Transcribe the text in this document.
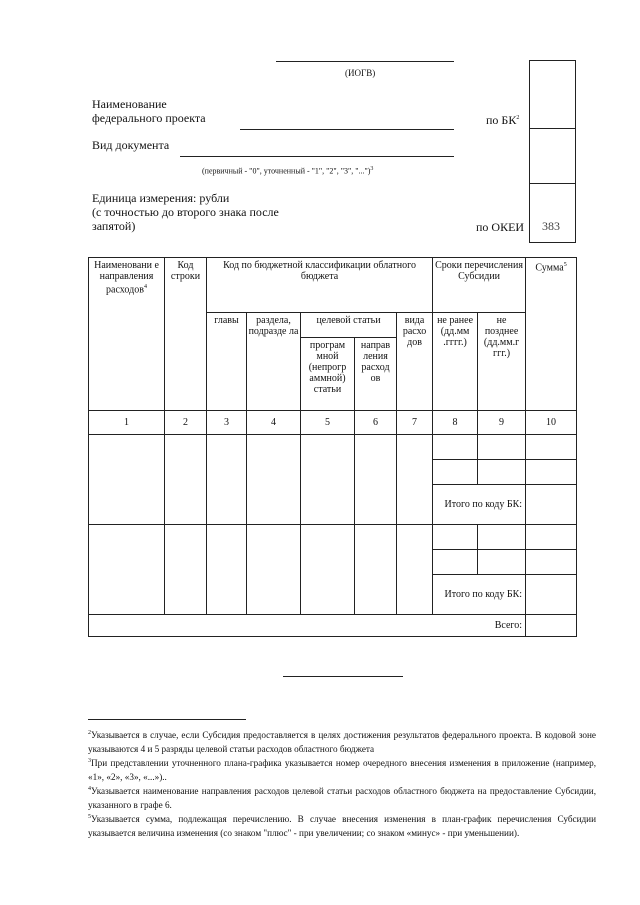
(ИОГВ)
Наименование
федерального проекта	по $БК^2$
Вид документа
(первичный - "0", уточненный - "1", "2", "3", "...")$^3$
Единица измерения: рубли
(с точностью до второго знака после
запятой)	по ОКЕИ 383
Наименовани е направления расходов$^4$	Код строки	Код по бюджетной классификации облатного бюджета					Сроки перечисления Субсидии		Сумма$^5$
		главы	раздела, подразде ла	целевой статьи		вида расхо дов	не ранее (дд.мм .гггг.)	не позднее (дд.мм.г ггг.)	
				програм мной (непрогр аммной) статьи	направ ления расход ов				
1	2	3	4	5	6	7	8	9	10

							Итого по коду БК:		

							Итого по коду БК:		
Всего:									
$^2$Указывается в случае, если Субсидия предоставляется в целях достижения результатов федерального проекта. В кодовой зоне указываются 4 и 5 разряды целевой статьи расходов областного бюджета
$^3$При представлении уточненного плана-графика указывается номер очередного внесения изменения в приложение (например, «1», «2», «3», «...»)..
$^4$Указывается наименование направления расходов целевой статьи расходов областного бюджета на предоставление Субсидии, указанного в графе 6.
$^5$Указывается сумма, подлежащая перечислению. В случае внесения изменения в план-график перечисления Субсидии указывается величина изменения (со знаком "плюс" - при увеличении; со знаком «минус» - при уменьшении).
